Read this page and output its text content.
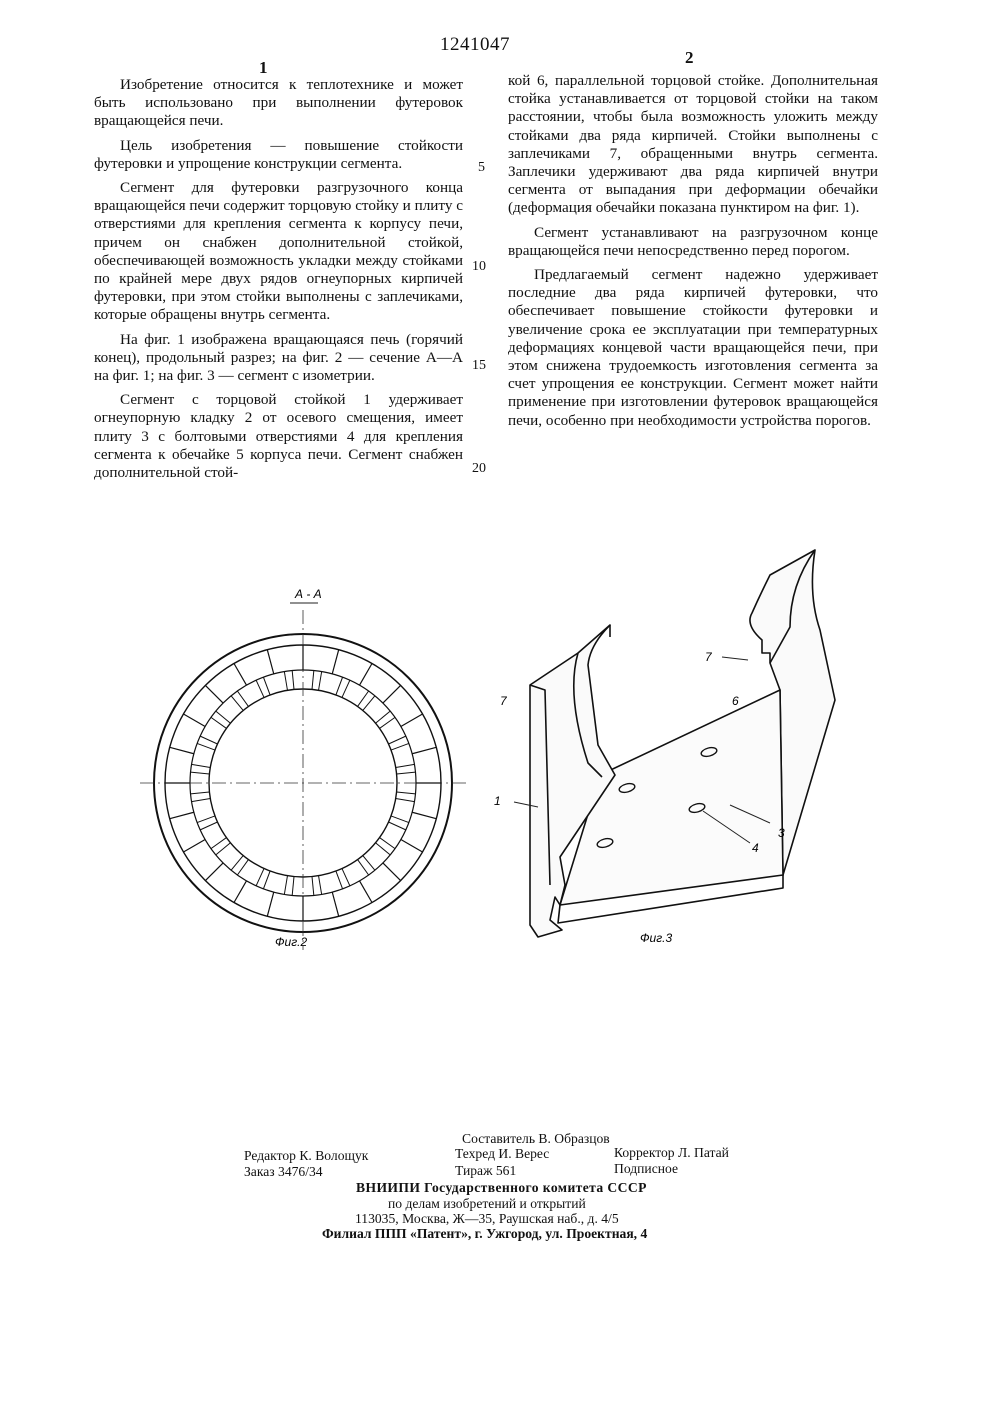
1241047
1
2

Изобретение относится к теплотехнике и может быть использовано при выполнении футеровок вращающейся печи.

Цель изобретения — повышение стойкости футеровки и упрощение конструкции сегмента.

Сегмент для футеровки разгрузочного конца вращающейся печи содержит торцовую стойку и плиту с отверстиями для крепления сегмента к корпусу печи, причем он снабжен дополнительной стойкой, обеспечивающей возможность укладки между стойками по крайней мере двух рядов огнеупорных кирпичей футеровки, при этом стойки выполнены с заплечиками, которые обращены внутрь сегмента.

На фиг. 1 изображена вращающаяся печь (горячий конец), продольный разрез; на фиг. 2 — сечение А—А на фиг. 1; на фиг. 3 — сегмент с изометрии.

Сегмент с торцовой стойкой 1 удерживает огнеупорную кладку 2 от осевого смещения, имеет плиту 3 с болтовыми отверстиями 4 для крепления сегмента к обечайке 5 корпуса печи. Сегмент снабжен дополнительной стой-

5
10
15
20

кой 6, параллельной торцовой стойке. Дополнительная стойка устанавливается от торцовой стойки на таком расстоянии, чтобы была возможность уложить между стойками два ряда кирпичей. Стойки выполнены с заплечиками 7, обращенными внутрь сегмента. Заплечики удерживают два ряда кирпичей внутри сегмента от выпадания при деформации обечайки (деформация обечайки показана пунктиром на фиг. 1).

Сегмент устанавливают на разгрузочном конце вращающейся печи непосредственно перед порогом.

Предлагаемый сегмент надежно удерживает последние два ряда кирпичей футеровки, что обеспечивает повышение стойкости футеровки и увеличение срока ее эксплуатации при температурных деформациях концевой части вращающейся печи, при этом снижена трудоемкость изготовления сегмента за счет упрощения ее конструкции. Сегмент может найти применение при изготовлении футеровок вращающейся печи, особенно при необходимости устройства порогов.

А - А
Фиг.2
7
7
6
1
3
4
Фиг.3
Составитель В. Образцов
Редактор К. Волощук	Техред И. Верес	Корректор Л. Патай
Заказ 3476/34	Тираж 561	Подписное
ВНИИПИ Государственного комитета СССР
по делам изобретений и открытий
113035, Москва, Ж—35, Раушская наб., д. 4/5
Филиал ППП «Патент», г. Ужгород, ул. Проектная, 4
